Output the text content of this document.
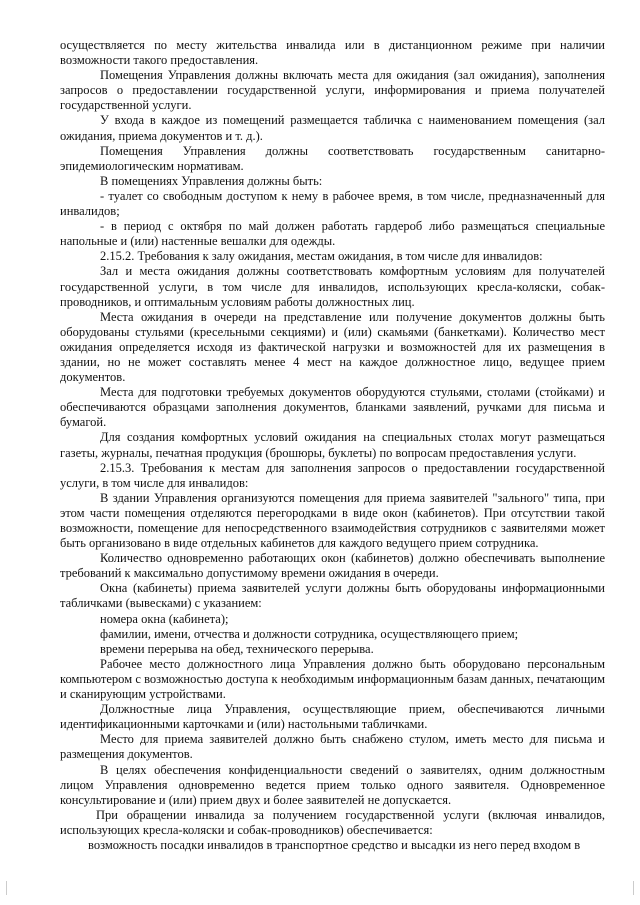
осуществляется по месту жительства инвалида или в дистанционном режиме при наличии возможности такого предоставления.

Помещения Управления должны включать места для ожидания (зал ожидания), заполнения запросов о предоставлении государственной услуги, информирования и приема получателей государственной услуги.

У входа в каждое из помещений размещается табличка с наименованием помещения (зал ожидания, приема документов и т. д.).

Помещения Управления должны соответствовать государственным санитарно-эпидемиологическим нормативам.

В помещениях Управления должны быть:

- туалет со свободным доступом к нему в рабочее время, в том числе, предназначенный для инвалидов;

- в период с октября по май должен работать гардероб либо размещаться специальные напольные и (или) настенные вешалки для одежды.

2.15.2. Требования к залу ожидания, местам ожидания, в том числе для инвалидов:

Зал и места ожидания должны соответствовать комфортным условиям для получателей государственной услуги, в том числе для инвалидов, использующих кресла-коляски, собак-проводников, и оптимальным условиям работы должностных лиц.

Места ожидания в очереди на представление или получение документов должны быть оборудованы стульями (кресельными секциями) и (или) скамьями (банкетками). Количество мест ожидания определяется исходя из фактической нагрузки и возможностей для их размещения в здании, но не может составлять менее 4 мест на каждое должностное лицо, ведущее прием документов.

Места для подготовки требуемых документов оборудуются стульями, столами (стойками) и обеспечиваются образцами заполнения документов, бланками заявлений, ручками для письма и бумагой.

Для создания комфортных условий ожидания на специальных столах могут размещаться газеты, журналы, печатная продукция (брошюры, буклеты) по вопросам предоставления услуги.

2.15.3. Требования к местам для заполнения запросов о предоставлении государственной услуги, в том числе для инвалидов:

В здании Управления организуются помещения для приема заявителей "зального" типа, при этом части помещения отделяются перегородками в виде окон (кабинетов). При отсутствии такой возможности, помещение для непосредственного взаимодействия сотрудников с заявителями может быть организовано в виде отдельных кабинетов для каждого ведущего прием сотрудника.

Количество одновременно работающих окон (кабинетов) должно обеспечивать выполнение требований к максимально допустимому времени ожидания в очереди.

Окна (кабинеты) приема заявителей услуги должны быть оборудованы информационными табличками (вывесками) с указанием:

номера окна (кабинета);

фамилии, имени, отчества и должности сотрудника, осуществляющего прием;

времени перерыва на обед, технического перерыва.

Рабочее место должностного лица Управления должно быть оборудовано персональным компьютером с возможностью доступа к необходимым информационным базам данных, печатающим и сканирующим устройствами.

Должностные лица Управления, осуществляющие прием, обеспечиваются личными идентификационными карточками и (или) настольными табличками.

Место для приема заявителей должно быть снабжено стулом, иметь место для письма и размещения документов.

В целях обеспечения конфиденциальности сведений о заявителях, одним должностным лицом Управления одновременно ведется прием только одного заявителя. Одновременное консультирование и (или) прием двух и более заявителей не допускается.

При обращении инвалида за получением государственной услуги (включая инвалидов, использующих кресла-коляски и собак-проводников) обеспечивается:

возможность посадки инвалидов в транспортное средство и высадки из него перед входом в
